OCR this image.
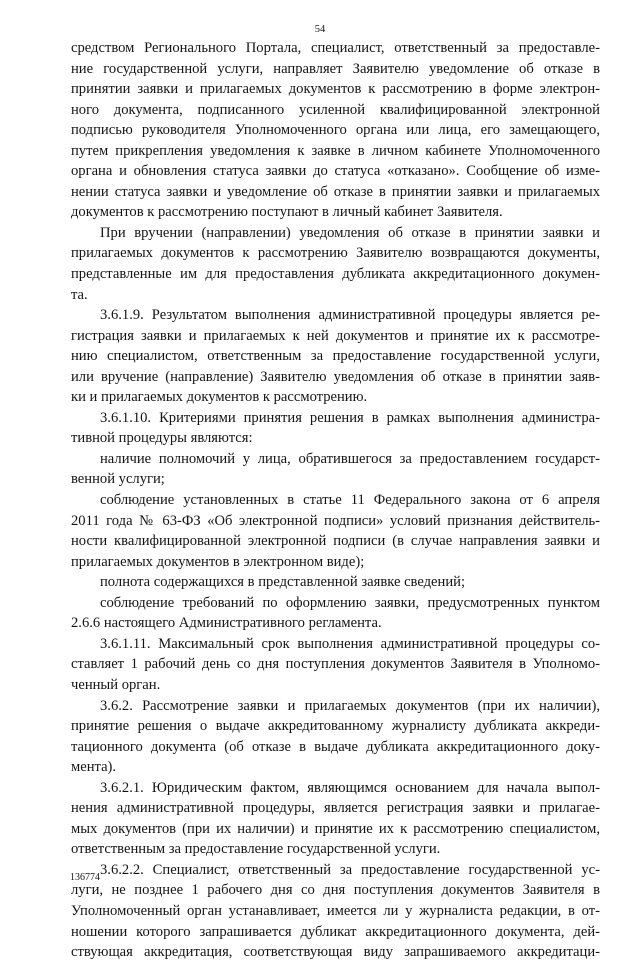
54
средством Регионального Портала, специалист, ответственный за предоставле-
ние государственной услуги, направляет Заявителю уведомление об отказе в
принятии заявки и прилагаемых документов к рассмотрению в форме электрон-
ного документа, подписанного усиленной квалифицированной электронной
подписью руководителя Уполномоченного органа или лица, его замещающего,
путем прикрепления уведомления к заявке в личном кабинете Уполномоченного
органа и обновления статуса заявки до статуса «отказано». Сообщение об изме-
нении статуса заявки и уведомление об отказе в принятии заявки и прилагаемых
документов к рассмотрению поступают в личный кабинет Заявителя.
При вручении (направлении) уведомления об отказе в принятии заявки и
прилагаемых документов к рассмотрению Заявителю возвращаются документы,
представленные им для предоставления дубликата аккредитационного докумен-
та.
3.6.1.9. Результатом выполнения административной процедуры является ре-
гистрация заявки и прилагаемых к ней документов и принятие их к рассмотре-
нию специалистом, ответственным за предоставление государственной услуги,
или вручение (направление) Заявителю уведомления об отказе в принятии заяв-
ки и прилагаемых документов к рассмотрению.
3.6.1.10. Критериями принятия решения в рамках выполнения администра-
тивной процедуры являются:
наличие полномочий у лица, обратившегося за предоставлением государст-
венной услуги;
соблюдение установленных в статье 11 Федерального закона от 6 апреля
2011 года № 63-ФЗ «Об электронной подписи» условий признания действитель-
ности квалифицированной электронной подписи (в случае направления заявки и
прилагаемых документов в электронном виде);
полнота содержащихся в представленной заявке сведений;
соблюдение требований по оформлению заявки, предусмотренных пунктом
2.6.6 настоящего Административного регламента.
3.6.1.11. Максимальный срок выполнения административной процедуры со-
ставляет 1 рабочий день со дня поступления документов Заявителя в Уполномо-
ченный орган.
3.6.2. Рассмотрение заявки и прилагаемых документов (при их наличии),
принятие решения о выдаче аккредитованному журналисту дубликата аккреди-
тационного документа (об отказе в выдаче дубликата аккредитационного доку-
мента).
3.6.2.1. Юридическим фактом, являющимся основанием для начала выпол-
нения административной процедуры, является регистрация заявки и прилагае-
мых документов (при их наличии) и принятие их к рассмотрению специалистом,
ответственным за предоставление государственной услуги.
3.6.2.2. Специалист, ответственный за предоставление государственной ус-
луги, не позднее 1 рабочего дня со дня поступления документов Заявителя в
Уполномоченный орган устанавливает, имеется ли у журналиста редакции, в от-
ношении которого запрашивается дубликат аккредитационного документа, дей-
ствующая аккредитация, соответствующая виду запрашиваемого аккредитаци-
136774
